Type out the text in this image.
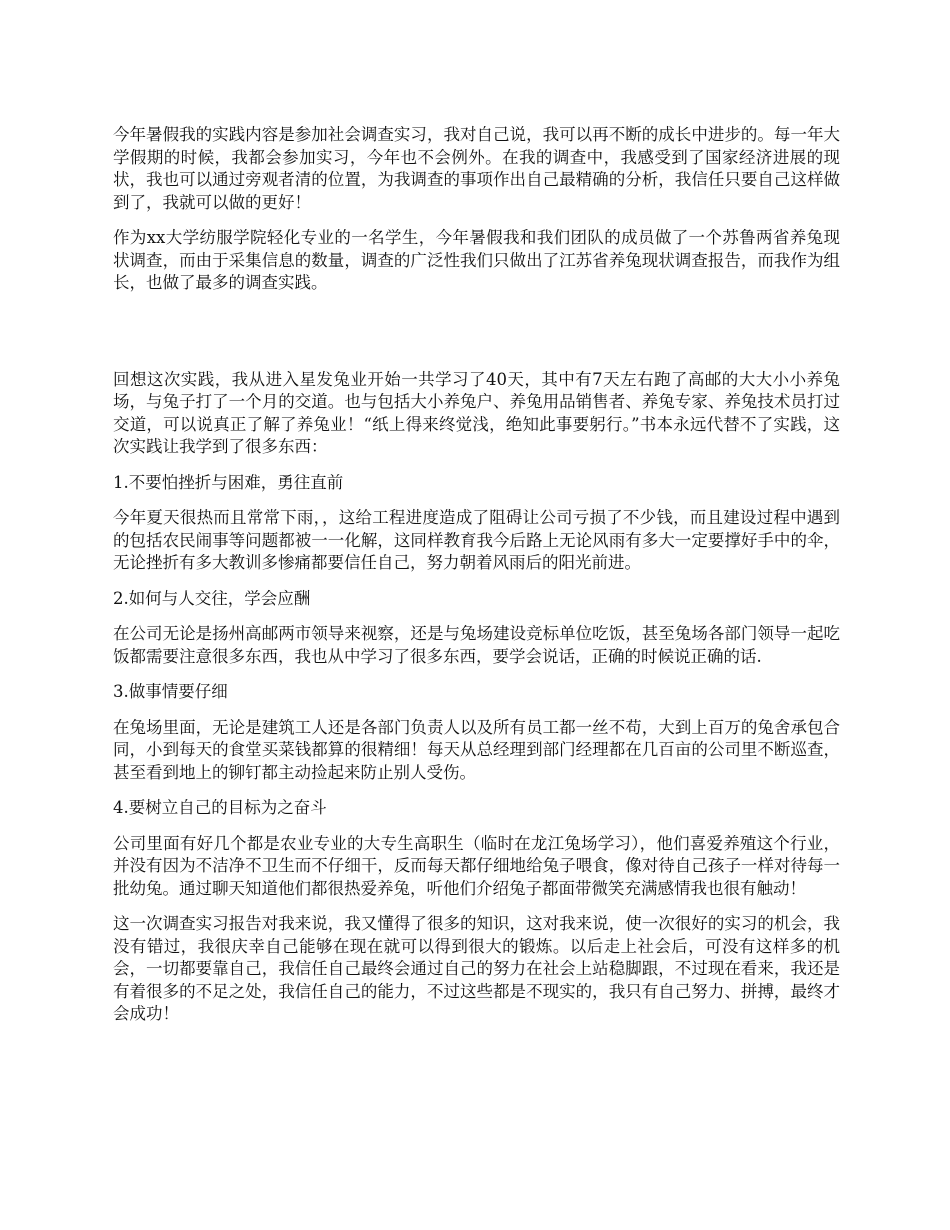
今年暑假我的实践内容是参加社会调查实习，我对自己说，我可以再不断的成长中进步的。每一年大学假期的时候，我都会参加实习，今年也不会例外。在我的调查中，我感受到了国家经济进展的现状，我也可以通过旁观者清的位置，为我调查的事项作出自己最精确的分析，我信任只要自己这样做到了，我就可以做的更好！

作为xx大学纺服学院轻化专业的一名学生，今年暑假我和我们团队的成员做了一个苏鲁两省养兔现状调查，而由于采集信息的数量，调查的广泛性我们只做出了江苏省养兔现状调查报告，而我作为组长，也做了最多的调查实践。

回想这次实践，我从进入星发兔业开始一共学习了40天，其中有7天左右跑了高邮的大大小小养兔场，与兔子打了一个月的交道。也与包括大小养兔户、养兔用品销售者、养兔专家、养兔技术员打过交道，可以说真正了解了养兔业！“纸上得来终觉浅，绝知此事要躬行。”书本永远代替不了实践，这次实践让我学到了很多东西：

1.不要怕挫折与困难，勇往直前

今年夏天很热而且常常下雨，，这给工程进度造成了阻碍让公司亏损了不少钱，而且建设过程中遇到的包括农民闹事等问题都被一一化解，这同样教育我今后路上无论风雨有多大一定要撑好手中的伞，无论挫折有多大教训多惨痛都要信任自己，努力朝着风雨后的阳光前进。

2.如何与人交往，学会应酬

在公司无论是扬州高邮两市领导来视察，还是与兔场建设竞标单位吃饭，甚至兔场各部门领导一起吃饭都需要注意很多东西，我也从中学习了很多东西，要学会说话，正确的时候说正确的话.

3.做事情要仔细

在兔场里面，无论是建筑工人还是各部门负责人以及所有员工都一丝不苟，大到上百万的兔舍承包合同，小到每天的食堂买菜钱都算的很精细！每天从总经理到部门经理都在几百亩的公司里不断巡查，甚至看到地上的铆钉都主动捡起来防止别人受伤。

4.要树立自己的目标为之奋斗

公司里面有好几个都是农业专业的大专生高职生（临时在龙江兔场学习），他们喜爱养殖这个行业，并没有因为不洁净不卫生而不仔细干，反而每天都仔细地给兔子喂食，像对待自己孩子一样对待每一批幼兔。通过聊天知道他们都很热爱养兔，听他们介绍兔子都面带微笑充满感情我也很有触动！

这一次调查实习报告对我来说，我又懂得了很多的知识，这对我来说，使一次很好的实习的机会，我没有错过，我很庆幸自己能够在现在就可以得到很大的锻炼。以后走上社会后，可没有这样多的机会，一切都要靠自己，我信任自己最终会通过自己的努力在社会上站稳脚跟，不过现在看来，我还是有着很多的不足之处，我信任自己的能力，不过这些都是不现实的，我只有自己努力、拼搏，最终才会成功！
